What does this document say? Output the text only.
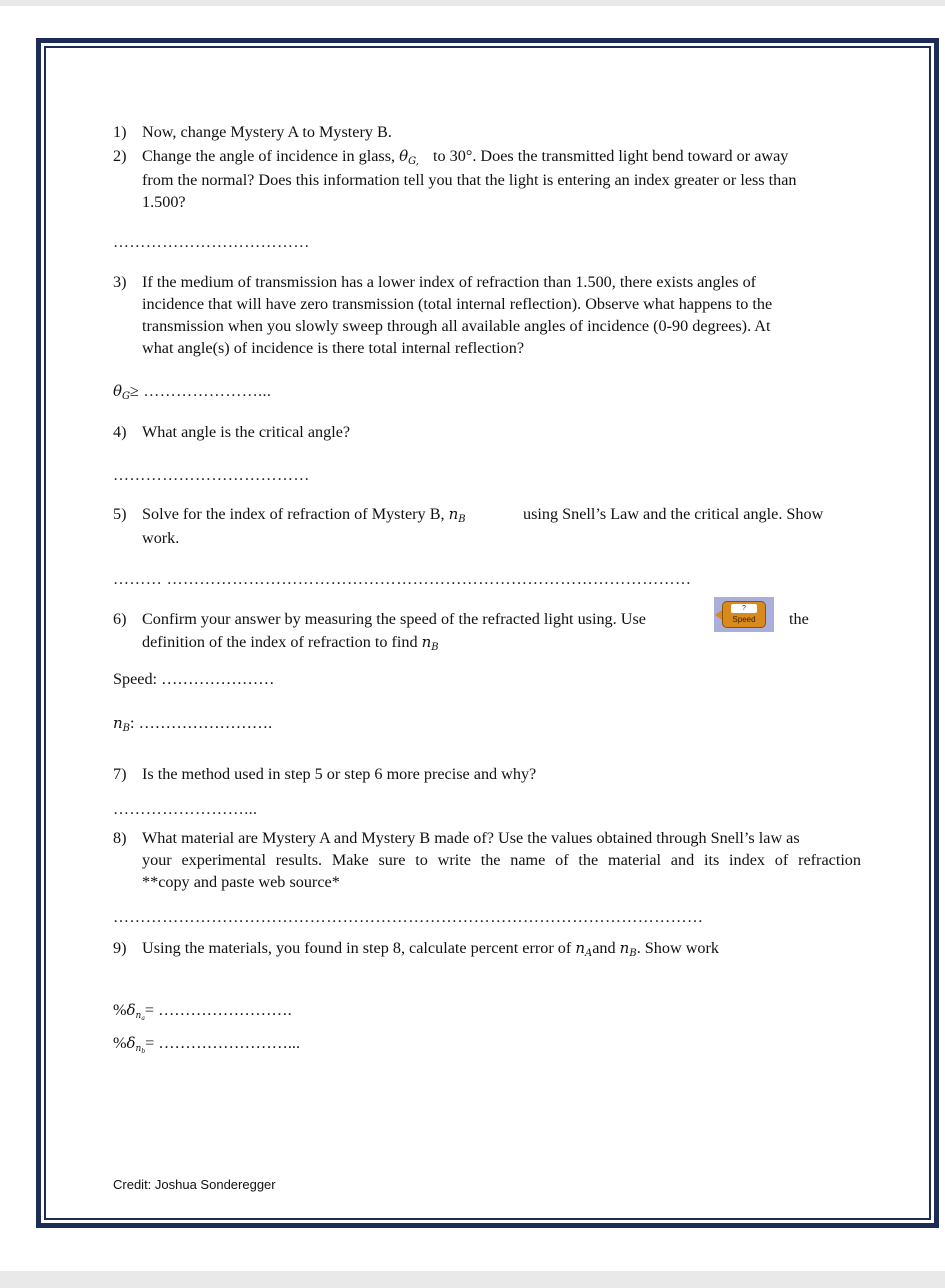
1) Now, change Mystery A to Mystery B.
2) Change the angle of incidence in glass, $\theta_{G,}$ to 30°. Does the transmitted light bend toward or away
from the normal? Does this information tell you that the light is entering an index greater or less than
1.500?
………………………………
3) If the medium of transmission has a lower index of refraction than 1.500, there exists angles of
incidence that will have zero transmission (total internal reflection). Observe what happens to the
transmission when you slowly sweep through all available angles of incidence (0-90 degrees). At
what angle(s) of incidence is there total internal reflection?
$\theta_G\ge$ …………………...
4) What angle is the critical angle?
………………………………
5) Solve for the index of refraction of Mystery B, $n_B$	using Snell’s Law and the critical angle. Show
work.
……… ……………………………………………………………………………………
6) Confirm your answer by measuring the speed of the refracted light using. Use
?
Speed	the
definition of the index of refraction to find $n_B$
Speed: …………………
$n_B$: …………………….
7) Is the method used in step 5 or step 6 more precise and why?
……………………...
8) What material are Mystery A and Mystery B made of? Use the values obtained through Snell’s law as
your experimental results. Make sure to write the name of the material and its index of refraction
**copy and paste web source*
………………………………………………………………………………………………
9) Using the materials, you found in step 8, calculate percent error of $n_Aand$ $n_B$. Show work
$\%\delta_{n_a}=$ …………………….
$\%\delta_{n_b}=$ ……………………...
Credit: Joshua Sonderegger
